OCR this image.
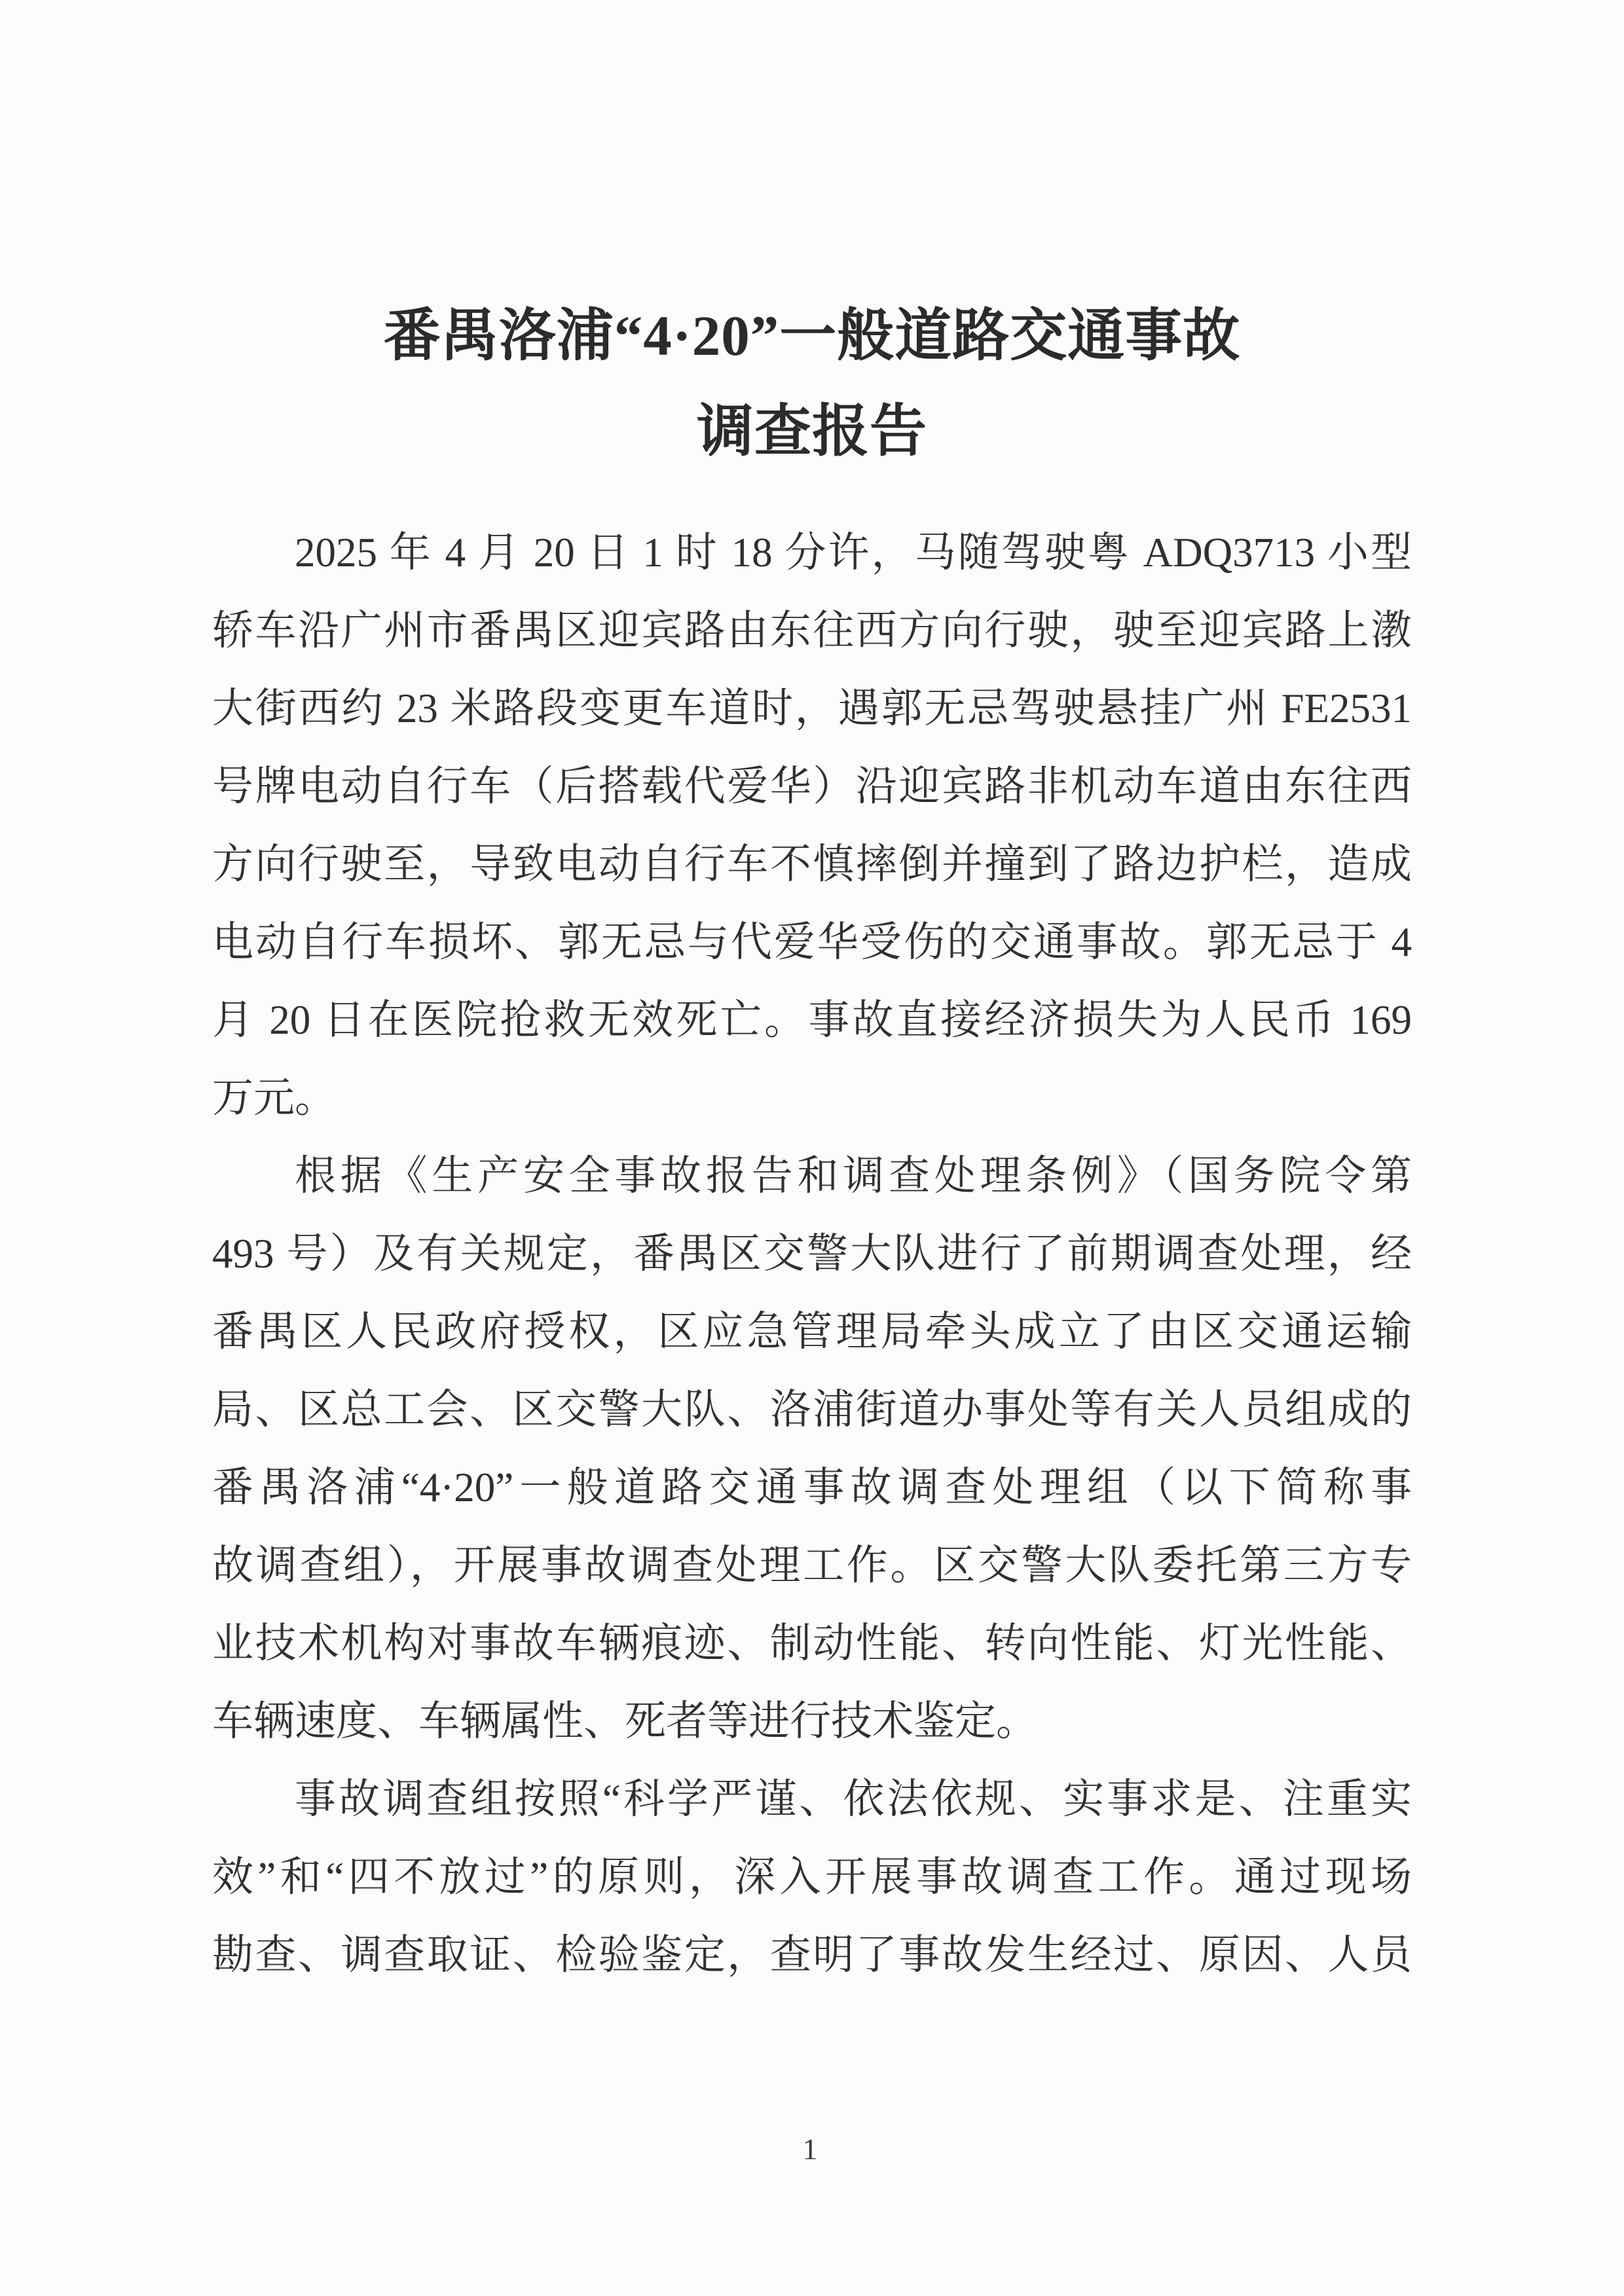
番禺洛浦“4·20”一般道路交通事故
调查报告
2025 年 4 月 20 日 1 时 18 分许，马随驾驶粤 ADQ3713 小型
轿车沿广州市番禺区迎宾路由东往西方向行驶，驶至迎宾路上漖
大街西约 23 米路段变更车道时，遇郭无忌驾驶悬挂广州 FE2531
号牌电动自行车（后搭载代爱华）沿迎宾路非机动车道由东往西
方向行驶至，导致电动自行车不慎摔倒并撞到了路边护栏，造成
电动自行车损坏、郭无忌与代爱华受伤的交通事故。郭无忌于 4
月 20 日在医院抢救无效死亡。事故直接经济损失为人民币 169
万元。
根据《生产安全事故报告和调查处理条例》（国务院令第
493 号）及有关规定，番禺区交警大队进行了前期调查处理，经
番禺区人民政府授权，区应急管理局牵头成立了由区交通运输
局、区总工会、区交警大队、洛浦街道办事处等有关人员组成的
番禺洛浦“4·20”一般道路交通事故调查处理组（以下简称事
故调查组），开展事故调查处理工作。区交警大队委托第三方专
业技术机构对事故车辆痕迹、制动性能、转向性能、灯光性能、
车辆速度、车辆属性、死者等进行技术鉴定。
事故调查组按照“科学严谨、依法依规、实事求是、注重实
效”和“四不放过”的原则，深入开展事故调查工作。通过现场
勘查、调查取证、检验鉴定，查明了事故发生经过、原因、人员
1
